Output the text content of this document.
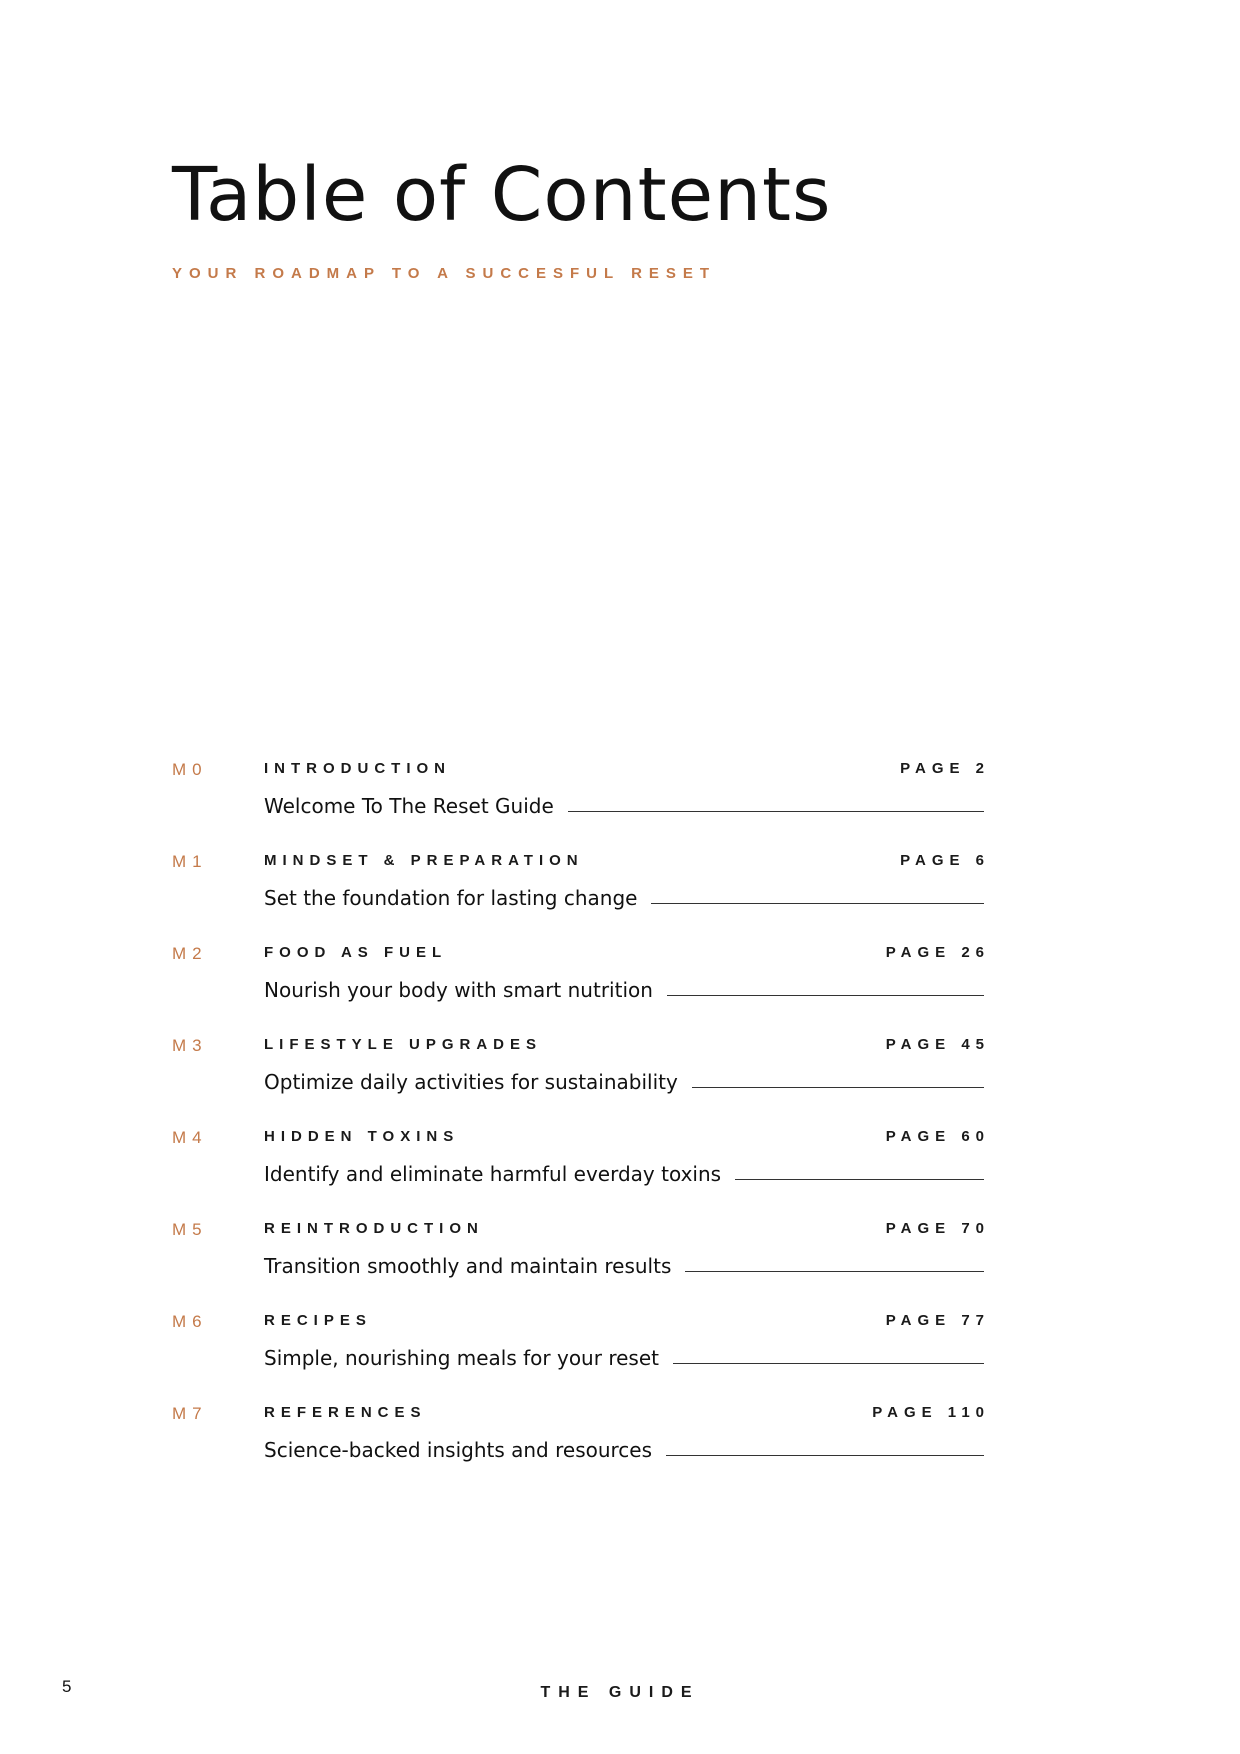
Table of Contents

YOUR ROADMAP TO A SUCCESFUL RESET

M0	INTRODUCTION	PAGE 2
Welcome To The Reset Guide
M1	MINDSET & PREPARATION	PAGE 6
Set the foundation for lasting change
M2	FOOD AS FUEL	PAGE 26
Nourish your body with smart nutrition
M3	LIFESTYLE UPGRADES	PAGE 45
Optimize daily activities for sustainability
M4	HIDDEN TOXINS	PAGE 60
Identify and eliminate harmful everday toxins
M5	REINTRODUCTION	PAGE 70
Transition smoothly and maintain results
M6	RECIPES	PAGE 77
Simple, nourishing meals for your reset
M7	REFERENCES	PAGE 110
Science-backed insights and resources
5	THE GUIDE
